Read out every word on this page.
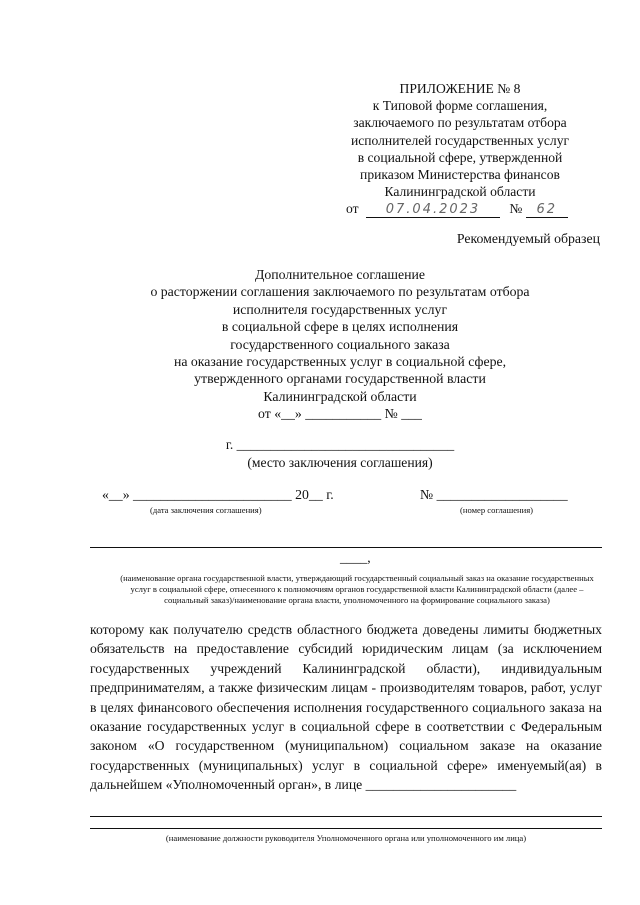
ПРИЛОЖЕНИЕ № 8
к Типовой форме соглашения,
заключаемого по результатам отбора
исполнителей государственных услуг
в социальной сфере, утвержденной
приказом Министерства финансов
Калининградской области
от 07.04.2023 № 62
Рекомендуемый образец
Дополнительное соглашение
о расторжении соглашения заключаемого по результатам отбора
исполнителя государственных услуг
в социальной сфере в целях исполнения
государственного социального заказа
на оказание государственных услуг в социальной сфере,
утвержденного органами государственной власти
Калининградской области
от «__» ___________ № ___
г. ________________________________
(место заключения соглашения)
«__» _______________________ 20__ г.
(дата заключения соглашения)
№ ___________________
(номер соглашения)
____,
(наименование органа государственной власти, утверждающий государственный социальный заказ на оказание государственных услуг в социальной сфере, отнесенного к полномочиям органов государственной власти Калининградской области (далее –социальный заказ)/наименование органа власти, уполномоченного на формирование социального заказа)
которому как получателю средств областного бюджета доведены лимиты бюджетных обязательств на предоставление субсидий юридическим лицам (за исключением государственных учреждений Калининградской области), индивидуальным предпринимателям, а также физическим лицам - производителям товаров, работ, услуг в целях финансового обеспечения исполнения государственного социального заказа на оказание государственных услуг в социальной сфере в соответствии с Федеральным законом «О государственном (муниципальном) социальном заказе на оказание государственных (муниципальных) услуг в социальной сфере» именуемый(ая) в дальнейшем «Уполномоченный орган», в лице ______________________
(наименование должности руководителя Уполномоченного органа или уполномоченного им лица)
